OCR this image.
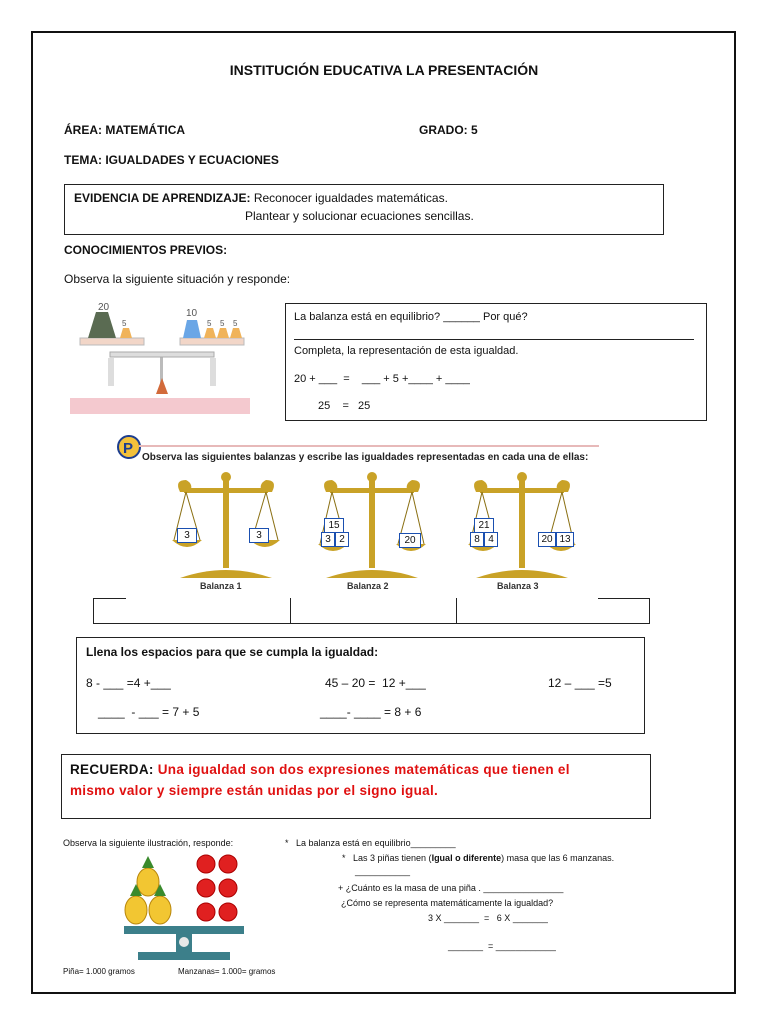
INSTITUCIÓN EDUCATIVA LA PRESENTACIÓN
ÁREA: MATEMÁTICA	GRADO: 5
TEMA: IGUALDADES Y ECUACIONES
EVIDENCIA DE APRENDIZAJE: Reconocer igualdades matemáticas.
Plantear y solucionar ecuaciones sencillas.
CONOCIMIENTOS PREVIOS:
Observa la siguiente situación y responde:
20
5
10
5 5 5
La balanza está en equilibrio? ______ Por qué?
Completa, la representación de esta igualdad.
20 + ___  =    ___ + 5 +____ + ____
25    =   25
P
Observa las siguientes balanzas y escribe las igualdades representadas en cada una de ellas:
3	3
Balanza 1
15
3 2	20
Balanza 2
21
8 4	20 13
Balanza 3
Llena los espacios para que se cumpla la igualdad:
8 - ___ =4 +___	45 – 20 =  12 +___	12 – ___ =5
____  - ___ = 7 + 5	____- ____ = 8 + 6
RECUERDA: Una igualdad son dos expresiones matemáticas que tienen el
mismo valor y siempre están unidas por el signo igual.
Observa la siguiente ilustración, responde:	*   La balanza está en equilibrio_________
*   Las 3 piñas tienen (Igual o diferente) masa que las 6 manzanas.
___________
+ ¿Cuánto es la masa de una piña . ________________
¿Cómo se representa matemáticamente la igualdad?
3 X _______  =   6 X _______
_______  = ____________
Piña= 1.000 gramos	Manzanas= 1.000= gramos
